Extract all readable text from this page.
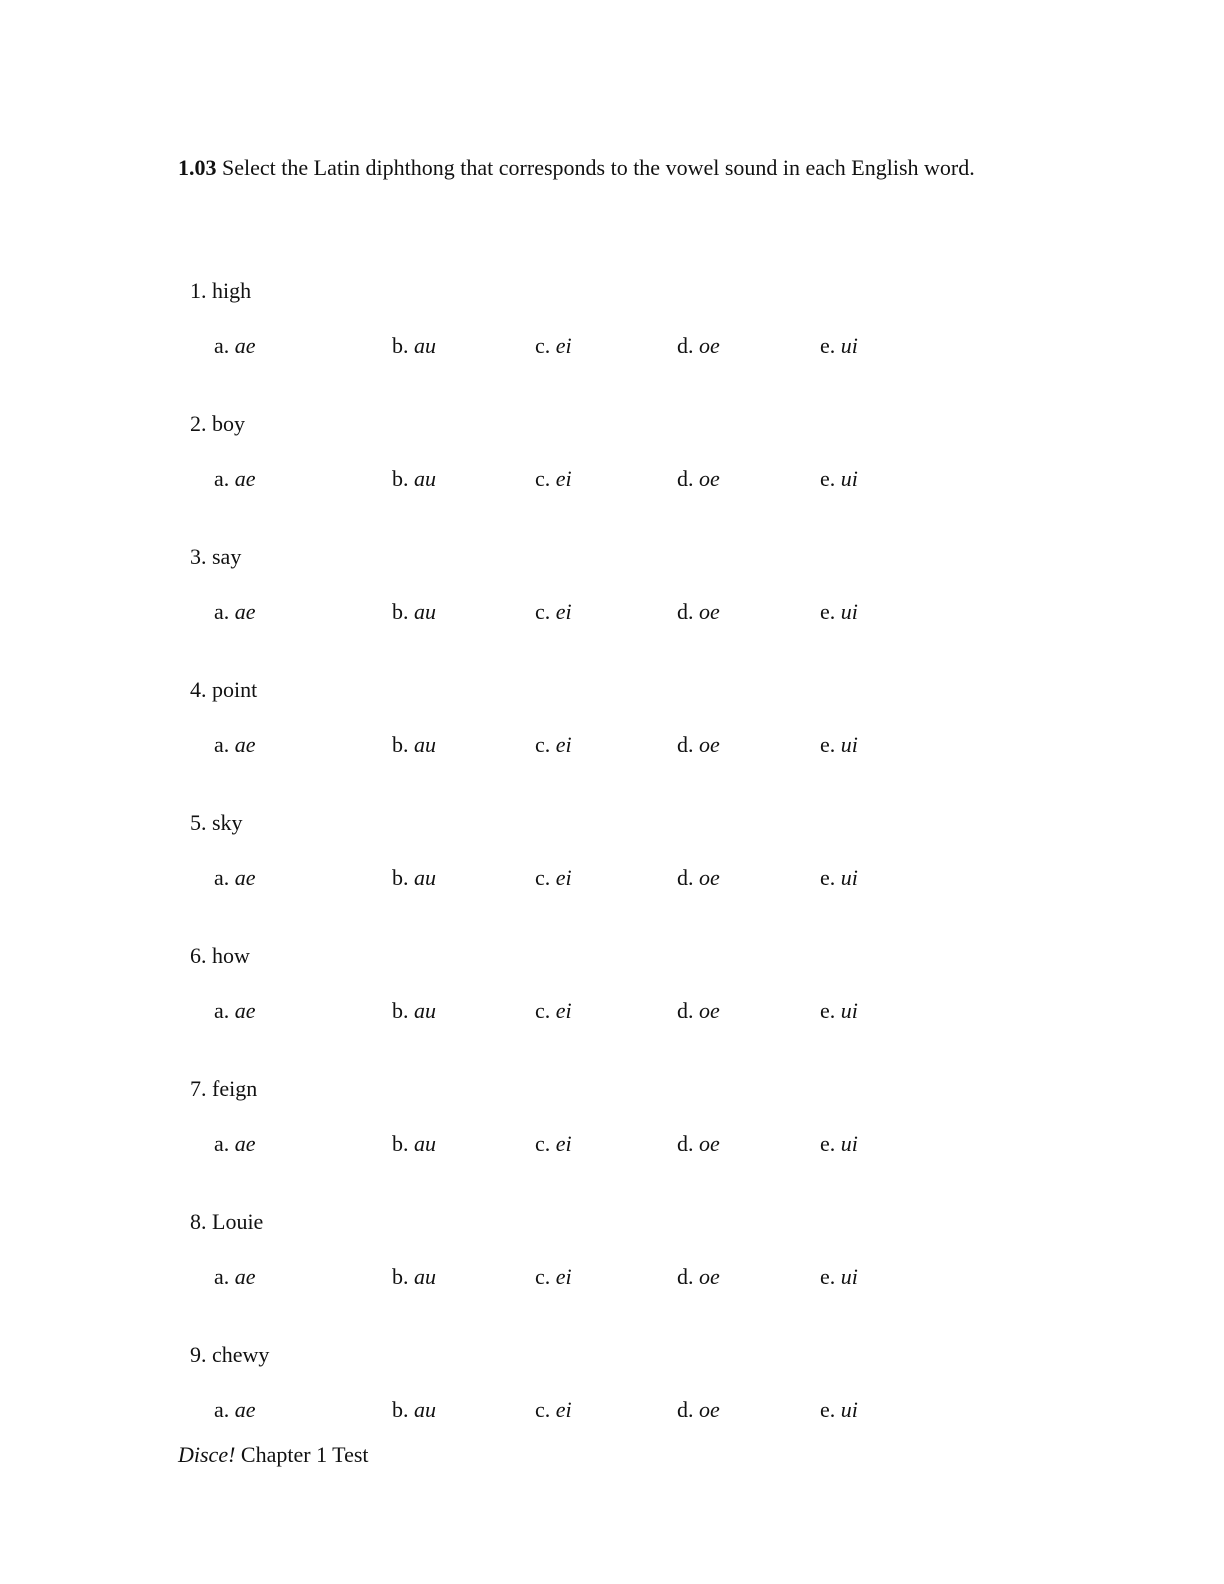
1.03 Select the Latin diphthong that corresponds to the vowel sound in each English word.

1. high
a. ae	b. au	c. ei	d. oe	e. ui
2. boy
a. ae	b. au	c. ei	d. oe	e. ui
3. say
a. ae	b. au	c. ei	d. oe	e. ui
4. point
a. ae	b. au	c. ei	d. oe	e. ui
5. sky
a. ae	b. au	c. ei	d. oe	e. ui
6. how
a. ae	b. au	c. ei	d. oe	e. ui
7. feign
a. ae	b. au	c. ei	d. oe	e. ui
8. Louie
a. ae	b. au	c. ei	d. oe	e. ui
9. chewy
a. ae	b. au	c. ei	d. oe	e. ui
Disce! Chapter 1 Test
